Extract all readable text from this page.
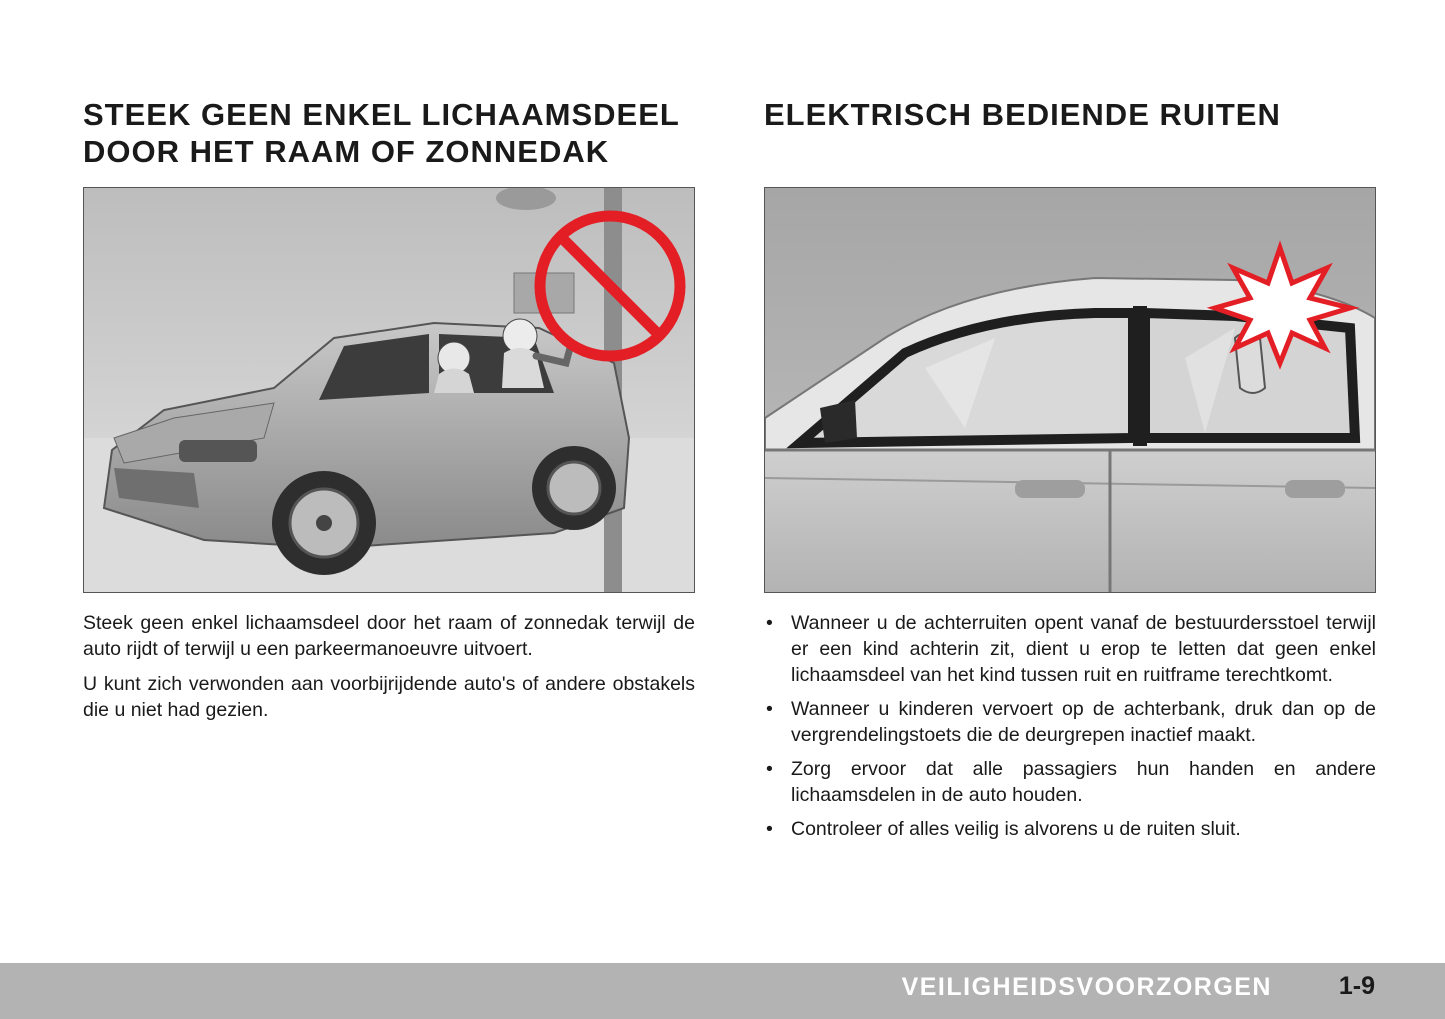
STEEK GEEN ENKEL LICHAAMSDEEL
DOOR HET RAAM OF ZONNEDAK

Steek geen enkel lichaamsdeel door het raam of zonnedak terwijl de auto rijdt of terwijl u een parkeermanoeuvre uitvoert.

U kunt zich verwonden aan voorbijrijdende auto's of andere obstakels die u niet had gezien.

ELEKTRISCH BEDIENDE RUITEN
• Wanneer u de achterruiten opent vanaf de bestuurdersstoel terwijl er een kind achterin zit, dient u erop te letten dat geen enkel lichaamsdeel van het kind tussen ruit en ruitframe terechtkomt.
• Wanneer u kinderen vervoert op de achterbank, druk dan op de vergrendelingstoets die de deurgrepen inactief maakt.
• Zorg ervoor dat alle passagiers hun handen en andere lichaamsdelen in de auto houden.
• Controleer of alles veilig is alvorens u de ruiten sluit.
VEILIGHEIDSVOORZORGEN	1-9
